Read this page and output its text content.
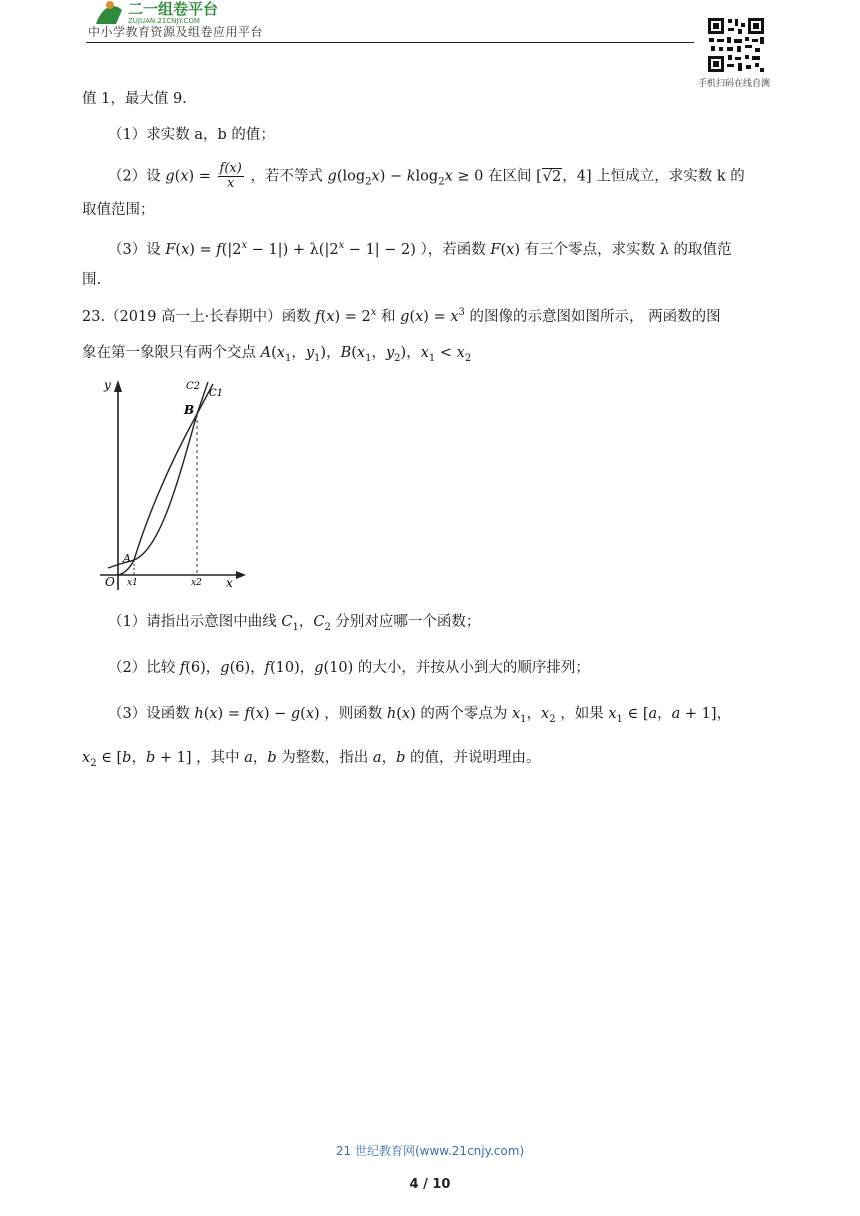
二一组卷平台
ZUJUAN.21CNJY.COM
中小学教育资源及组卷应用平台
手机扫码在线自测
值 1，最大值 9.
（1）求实数 a，b 的值；
（2）设 $g(x) = \frac{f(x)}{x}$ ，若不等式 $g(\log_2x) - klog_2x \ge 0$ 在区间 [√2，4] 上恒成立，求实数 k 的
取值范围；
（3）设 $F(x) = f(|2^x - 1|) + \lambda(|2^x - 1| - 2)$ ），若函数 F(x) 有三个零点，求实数 λ 的取值范
围.
23.（2019 高一上·长春期中）函数 $f(x) = 2^x$ 和 $g(x) = x^3$ 的图像的示意图如图所示， 两函数的图
象在第一象限只有两个交点 $A(x_1$，$y_1$)，$B(x_1$，$y_2$)，$x_1 < x_2$
y
x
O
A
B
x1	x2
C2
C1
（1）请指出示意图中曲线 $C_1$，$C_2$ 分别对应哪一个函数；
（2）比较 f(6)，g(6)，f(10)，g(10) 的大小，并按从小到大的顺序排列；
（3）设函数 h(x) = f(x) − g(x) ，则函数 h(x) 的两个零点为 $x_1$，$x_2$ ，如果 $x_1$ ∈ [a，a + 1]，
$x_2$ ∈ [b，b + 1] ，其中 a，b 为整数，指出 a，b 的值，并说明理由。
21 世纪教育网(www.21cnjy.com)
4 / 10
